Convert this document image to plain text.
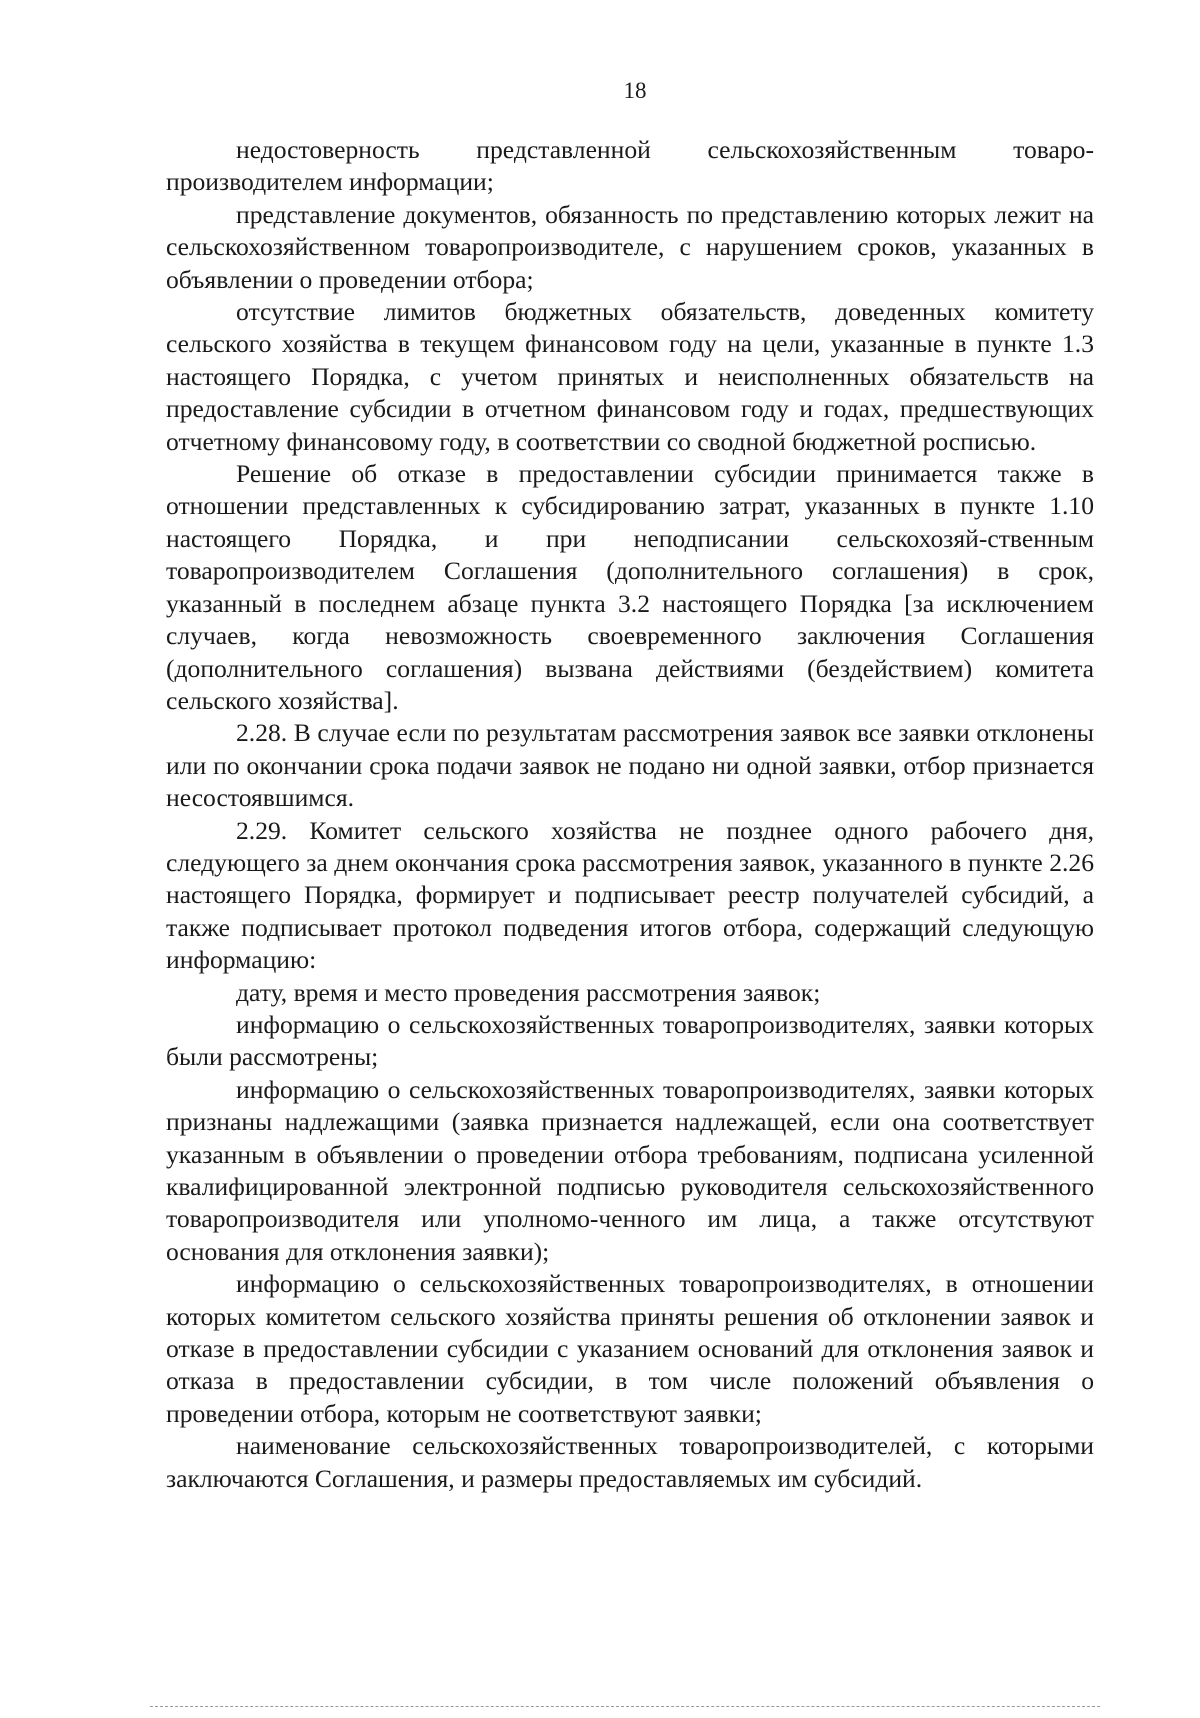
18

недостоверность представленной сельскохозяйственным товаро-производителем информации;

представление документов, обязанность по представлению которых лежит на сельскохозяйственном товаропроизводителе, с нарушением сроков, указанных в объявлении о проведении отбора;

отсутствие лимитов бюджетных обязательств, доведенных комитету сельского хозяйства в текущем финансовом году на цели, указанные в пункте 1.3 настоящего Порядка, с учетом принятых и неисполненных обязательств на предоставление субсидии в отчетном финансовом году и годах, предшествующих отчетному финансовому году, в соответствии со сводной бюджетной росписью.

Решение об отказе в предоставлении субсидии принимается также в отношении представленных к субсидированию затрат, указанных в пункте 1.10 настоящего Порядка, и при неподписании сельскохозяй-ственным товаропроизводителем Соглашения (дополнительного соглашения) в срок, указанный в последнем абзаце пункта 3.2 настоящего Порядка [за исключением случаев, когда невозможность своевременного заключения Соглашения (дополнительного соглашения) вызвана действиями (бездействием) комитета сельского хозяйства].

2.28. В случае если по результатам рассмотрения заявок все заявки отклонены или по окончании срока подачи заявок не подано ни одной заявки, отбор признается несостоявшимся.

2.29. Комитет сельского хозяйства не позднее одного рабочего дня, следующего за днем окончания срока рассмотрения заявок, указанного в пункте 2.26 настоящего Порядка, формирует и подписывает реестр получателей субсидий, а также подписывает протокол подведения итогов отбора, содержащий следующую информацию:

дату, время и место проведения рассмотрения заявок;

информацию о сельскохозяйственных товаропроизводителях, заявки которых были рассмотрены;

информацию о сельскохозяйственных товаропроизводителях, заявки которых признаны надлежащими (заявка признается надлежащей, если она соответствует указанным в объявлении о проведении отбора требованиям, подписана усиленной квалифицированной электронной подписью руководителя сельскохозяйственного товаропроизводителя или уполномо-ченного им лица, а также отсутствуют основания для отклонения заявки);

информацию о сельскохозяйственных товаропроизводителях, в отношении которых комитетом сельского хозяйства приняты решения об отклонении заявок и отказе в предоставлении субсидии с указанием оснований для отклонения заявок и отказа в предоставлении субсидии, в том числе положений объявления о проведении отбора, которым не соответствуют заявки;

наименование сельскохозяйственных товаропроизводителей, с которыми заключаются Соглашения, и размеры предоставляемых им субсидий.
